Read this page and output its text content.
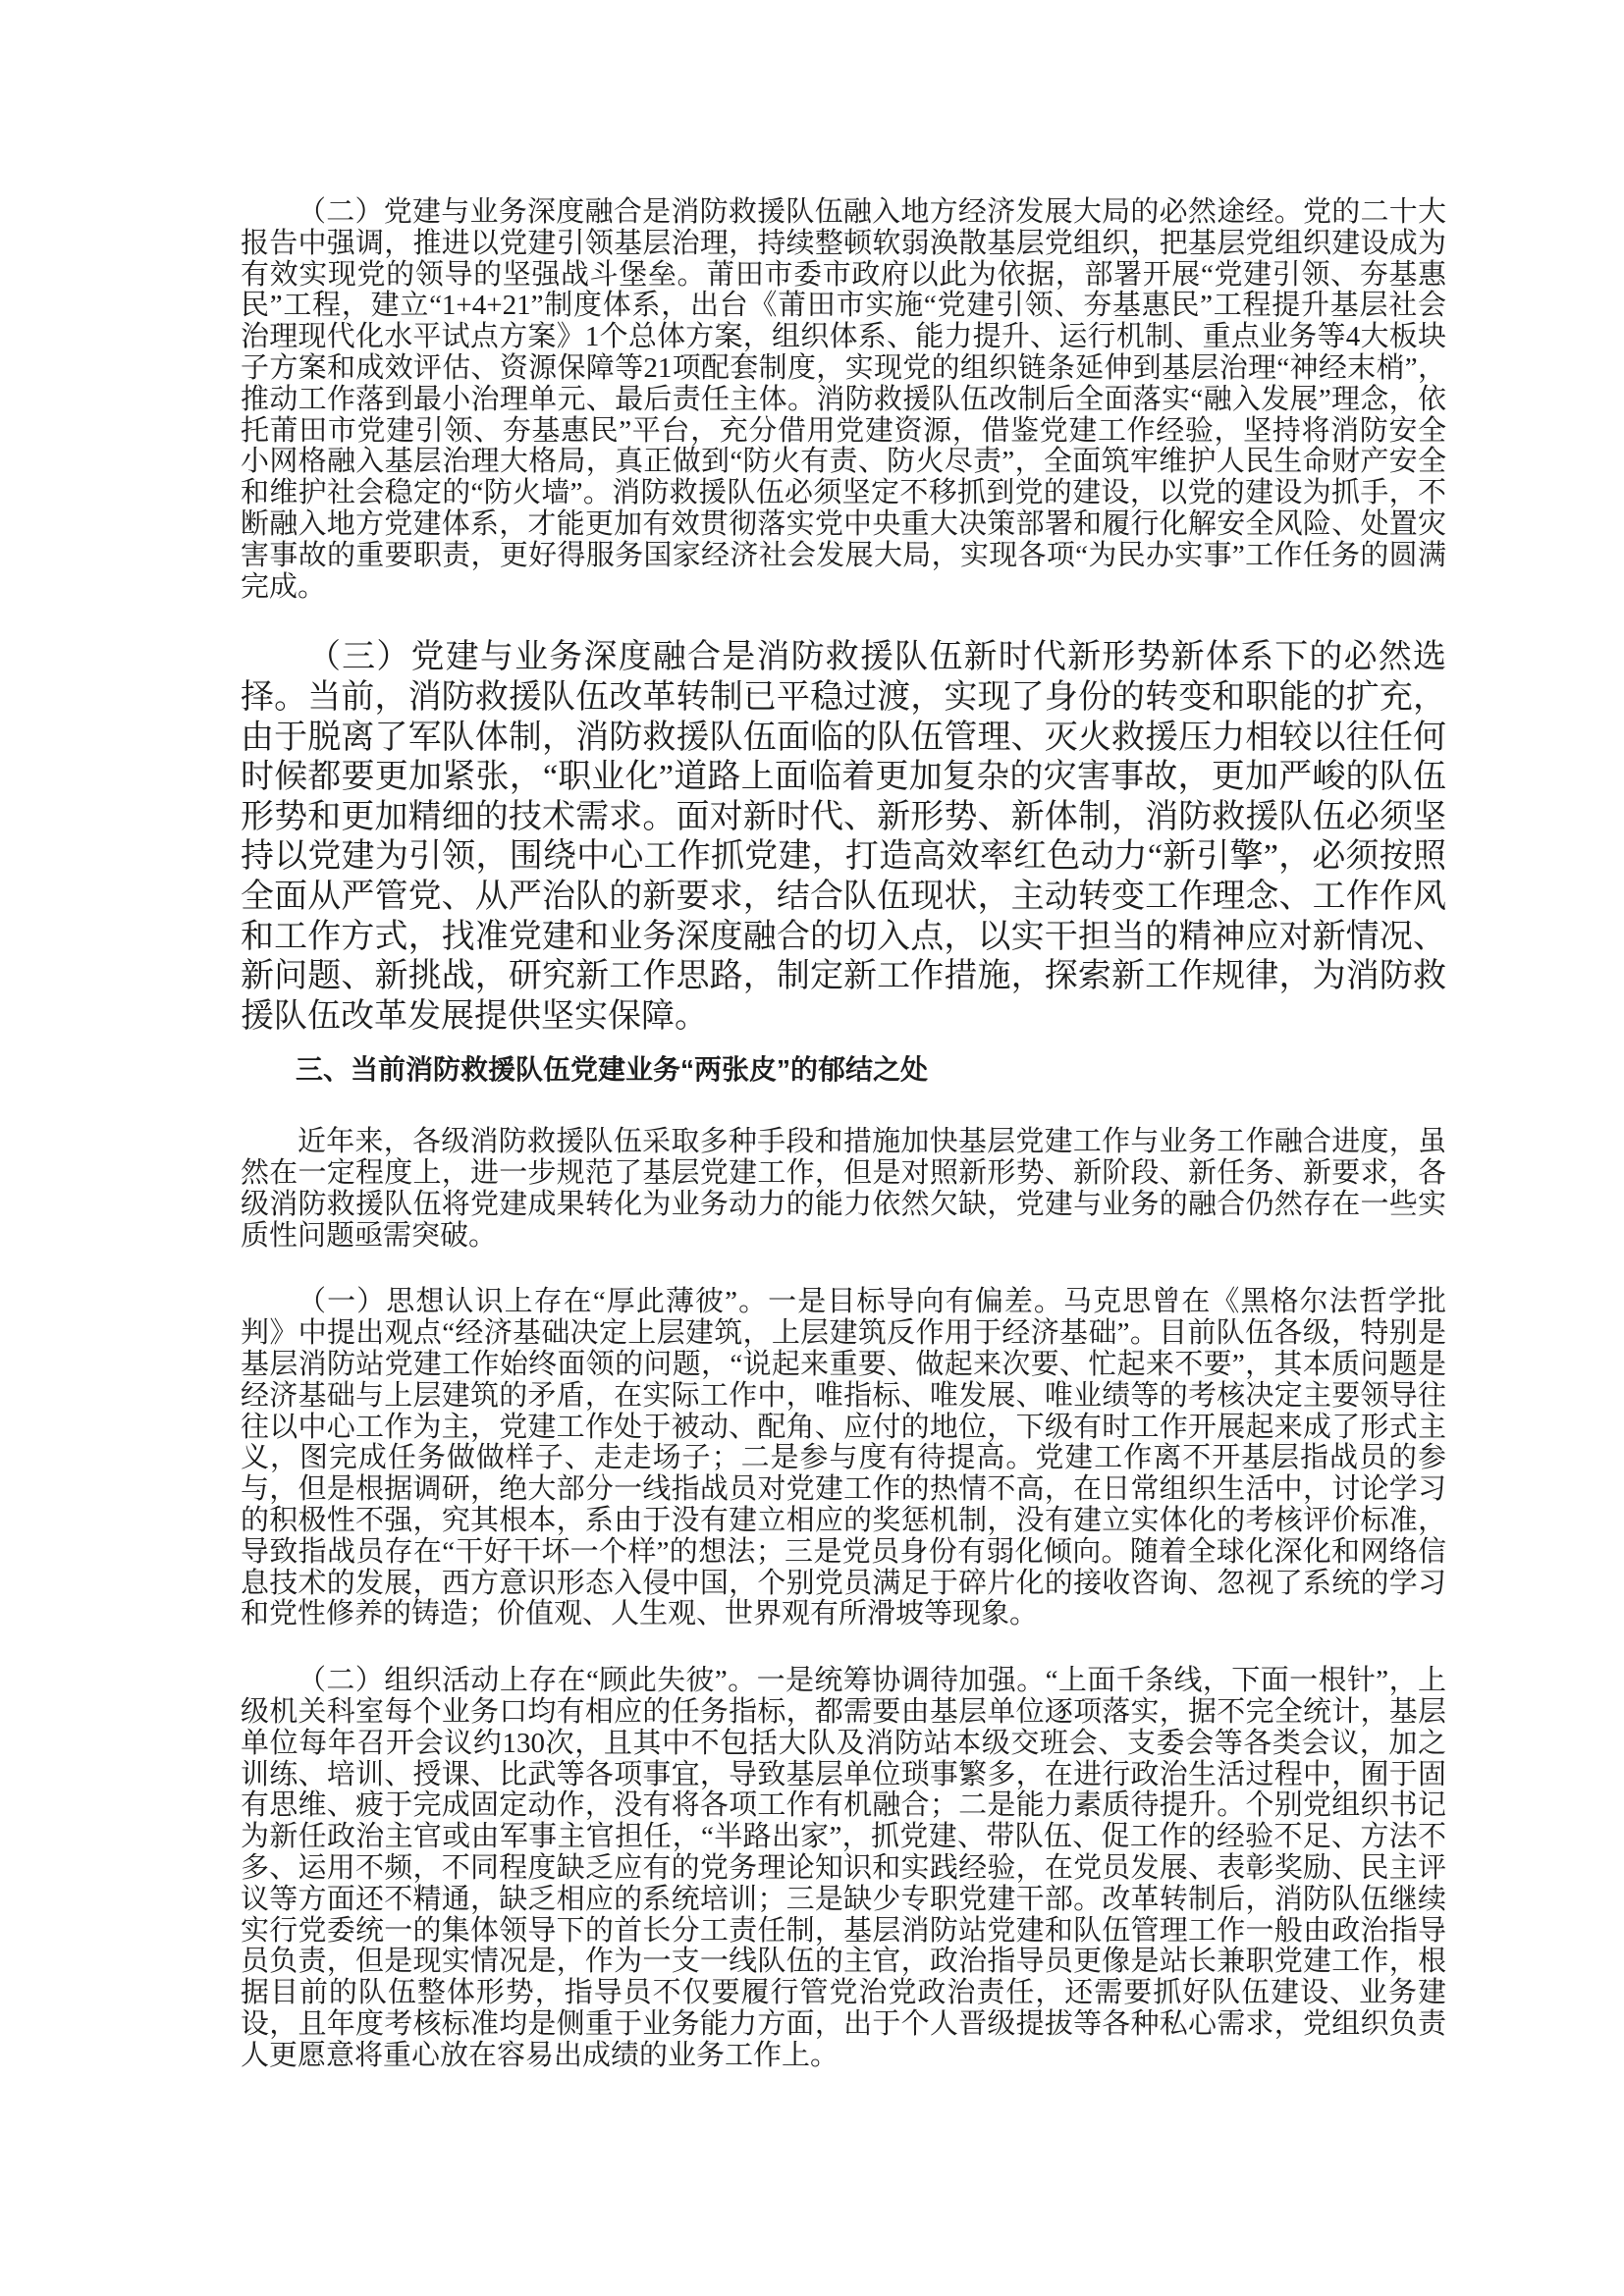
（二）党建与业务深度融合是消防救援队伍融入地方经济发展大局的必然途经。党的二十大报告中强调，推进以党建引领基层治理，持续整顿软弱涣散基层党组织，把基层党组织建设成为有效实现党的领导的坚强战斗堡垒。莆田市委市政府以此为依据，部署开展“党建引领、夯基惠民”工程，建立“1+4+21”制度体系，出台《莆田市实施“党建引领、夯基惠民”工程提升基层社会治理现代化水平试点方案》1个总体方案，组织体系、能力提升、运行机制、重点业务等4大板块子方案和成效评估、资源保障等21项配套制度，实现党的组织链条延伸到基层治理“神经末梢”，推动工作落到最小治理单元、最后责任主体。消防救援队伍改制后全面落实“融入发展”理念，依托莆田市党建引领、夯基惠民”平台，充分借用党建资源，借鉴党建工作经验，坚持将消防安全小网格融入基层治理大格局，真正做到“防火有责、防火尽责”，全面筑牢维护人民生命财产安全和维护社会稳定的“防火墙”。消防救援队伍必须坚定不移抓到党的建设，以党的建设为抓手，不断融入地方党建体系，才能更加有效贯彻落实党中央重大决策部署和履行化解安全风险、处置灾害事故的重要职责，更好得服务国家经济社会发展大局，实现各项“为民办实事”工作任务的圆满完成。

（三）党建与业务深度融合是消防救援队伍新时代新形势新体系下的必然选择。当前，消防救援队伍改革转制已平稳过渡，实现了身份的转变和职能的扩充，由于脱离了军队体制，消防救援队伍面临的队伍管理、灭火救援压力相较以往任何时候都要更加紧张，“职业化”道路上面临着更加复杂的灾害事故，更加严峻的队伍形势和更加精细的技术需求。面对新时代、新形势、新体制，消防救援队伍必须坚持以党建为引领，围绕中心工作抓党建，打造高效率红色动力“新引擎”，必须按照全面从严管党、从严治队的新要求，结合队伍现状，主动转变工作理念、工作作风和工作方式，找准党建和业务深度融合的切入点，以实干担当的精神应对新情况、新问题、新挑战，研究新工作思路，制定新工作措施，探索新工作规律，为消防救援队伍改革发展提供坚实保障。

三、当前消防救援队伍党建业务“两张皮”的郁结之处

近年来，各级消防救援队伍采取多种手段和措施加快基层党建工作与业务工作融合进度，虽然在一定程度上，进一步规范了基层党建工作，但是对照新形势、新阶段、新任务、新要求，各级消防救援队伍将党建成果转化为业务动力的能力依然欠缺，党建与业务的融合仍然存在一些实质性问题亟需突破。

（一）思想认识上存在“厚此薄彼”。一是目标导向有偏差。马克思曾在《黑格尔法哲学批判》中提出观点“经济基础决定上层建筑，上层建筑反作用于经济基础”。目前队伍各级，特别是基层消防站党建工作始终面领的问题，“说起来重要、做起来次要、忙起来不要”，其本质问题是经济基础与上层建筑的矛盾，在实际工作中，唯指标、唯发展、唯业绩等的考核决定主要领导往往以中心工作为主，党建工作处于被动、配角、应付的地位，下级有时工作开展起来成了形式主义，图完成任务做做样子、走走场子；二是参与度有待提高。党建工作离不开基层指战员的参与，但是根据调研，绝大部分一线指战员对党建工作的热情不高，在日常组织生活中，讨论学习的积极性不强，究其根本，系由于没有建立相应的奖惩机制，没有建立实体化的考核评价标准，导致指战员存在“干好干坏一个样”的想法；三是党员身份有弱化倾向。随着全球化深化和网络信息技术的发展，西方意识形态入侵中国，个别党员满足于碎片化的接收咨询、忽视了系统的学习和党性修养的铸造；价值观、人生观、世界观有所滑坡等现象。

（二）组织活动上存在“顾此失彼”。一是统筹协调待加强。“上面千条线，下面一根针”，上级机关科室每个业务口均有相应的任务指标，都需要由基层单位逐项落实，据不完全统计，基层单位每年召开会议约130次，且其中不包括大队及消防站本级交班会、支委会等各类会议，加之训练、培训、授课、比武等各项事宜，导致基层单位琐事繁多，在进行政治生活过程中，囿于固有思维、疲于完成固定动作，没有将各项工作有机融合；二是能力素质待提升。个别党组织书记为新任政治主官或由军事主官担任，“半路出家”，抓党建、带队伍、促工作的经验不足、方法不多、运用不频，不同程度缺乏应有的党务理论知识和实践经验，在党员发展、表彰奖励、民主评议等方面还不精通，缺乏相应的系统培训；三是缺少专职党建干部。改革转制后，消防队伍继续实行党委统一的集体领导下的首长分工责任制，基层消防站党建和队伍管理工作一般由政治指导员负责，但是现实情况是，作为一支一线队伍的主官，政治指导员更像是站长兼职党建工作，根据目前的队伍整体形势，指导员不仅要履行管党治党政治责任，还需要抓好队伍建设、业务建设，且年度考核标准均是侧重于业务能力方面，出于个人晋级提拔等各种私心需求，党组织负责人更愿意将重心放在容易出成绩的业务工作上。
